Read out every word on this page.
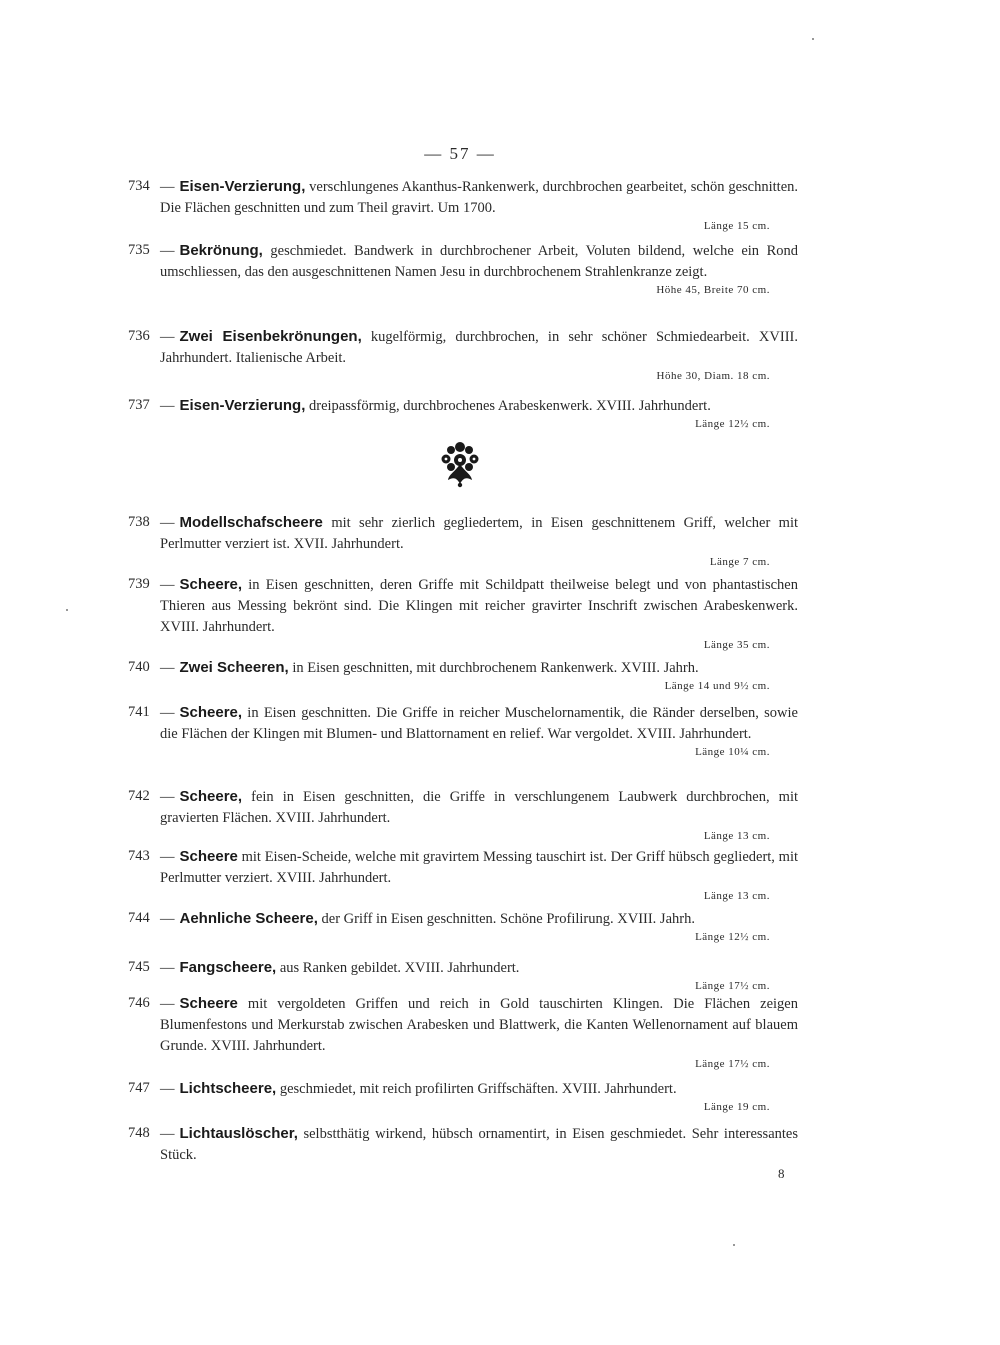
— 57 —
734 — Eisen-Verzierung, verschlungenes Akanthus-Rankenwerk, durchbrochen gearbeitet, schön geschnitten. Die Flächen geschnitten und zum Theil gravirt. Um 1700.
Länge 15 cm.
735 — Bekrönung, geschmiedet. Bandwerk in durchbrochener Arbeit, Voluten bildend, welche ein Rond umschliessen, das den ausgeschnittenen Namen Jesu in durchbrochenem Strahlenkranze zeigt.
Höhe 45, Breite 70 cm.
736 — Zwei Eisenbekrönungen, kugelförmig, durchbrochen, in sehr schöner Schmiedearbeit. XVIII. Jahrhundert. Italienische Arbeit.
Höhe 30, Diam. 18 cm.
737 — Eisen-Verzierung, dreipassförmig, durchbrochenes Arabeskenwerk. XVIII. Jahrhundert.
Länge 12½ cm.
738 — Modellschafscheere mit sehr zierlich gegliedertem, in Eisen geschnittenem Griff, welcher mit Perlmutter verziert ist. XVII. Jahrhundert.
Länge 7 cm.
739 — Scheere, in Eisen geschnitten, deren Griffe mit Schildpatt theilweise belegt und von phantastischen Thieren aus Messing bekrönt sind. Die Klingen mit reicher gravirter Inschrift zwischen Arabeskenwerk. XVIII. Jahrhundert.
Länge 35 cm.
740 — Zwei Scheeren, in Eisen geschnitten, mit durchbrochenem Rankenwerk. XVIII. Jahrh.
Länge 14 und 9½ cm.
741 — Scheere, in Eisen geschnitten. Die Griffe in reicher Muschelornamentik, die Ränder derselben, sowie die Flächen der Klingen mit Blumen- und Blattornament en relief. War vergoldet. XVIII. Jahrhundert.
Länge 10¼ cm.
742 — Scheere, fein in Eisen geschnitten, die Griffe in verschlungenem Laubwerk durchbrochen, mit gravierten Flächen. XVIII. Jahrhundert.
Länge 13 cm.
743 — Scheere mit Eisen-Scheide, welche mit gravirtem Messing tauschirt ist. Der Griff hübsch gegliedert, mit Perlmutter verziert. XVIII. Jahrhundert.
Länge 13 cm.
744 — Aehnliche Scheere, der Griff in Eisen geschnitten. Schöne Profilirung. XVIII. Jahrh.
Länge 12½ cm.
745 — Fangscheere, aus Ranken gebildet. XVIII. Jahrhundert.
Länge 17½ cm.
746 — Scheere mit vergoldeten Griffen und reich in Gold tauschirten Klingen. Die Flächen zeigen Blumenfestons und Merkurstab zwischen Arabesken und Blattwerk, die Kanten Wellenornament auf blauem Grunde. XVIII. Jahrhundert.
Länge 17½ cm.
747 — Lichtscheere, geschmiedet, mit reich profilirten Griffschäften. XVIII. Jahrhundert.
Länge 19 cm.
748 — Lichtauslöscher, selbstthätig wirkend, hübsch ornamentirt, in Eisen geschmiedet. Sehr interessantes Stück.
8
